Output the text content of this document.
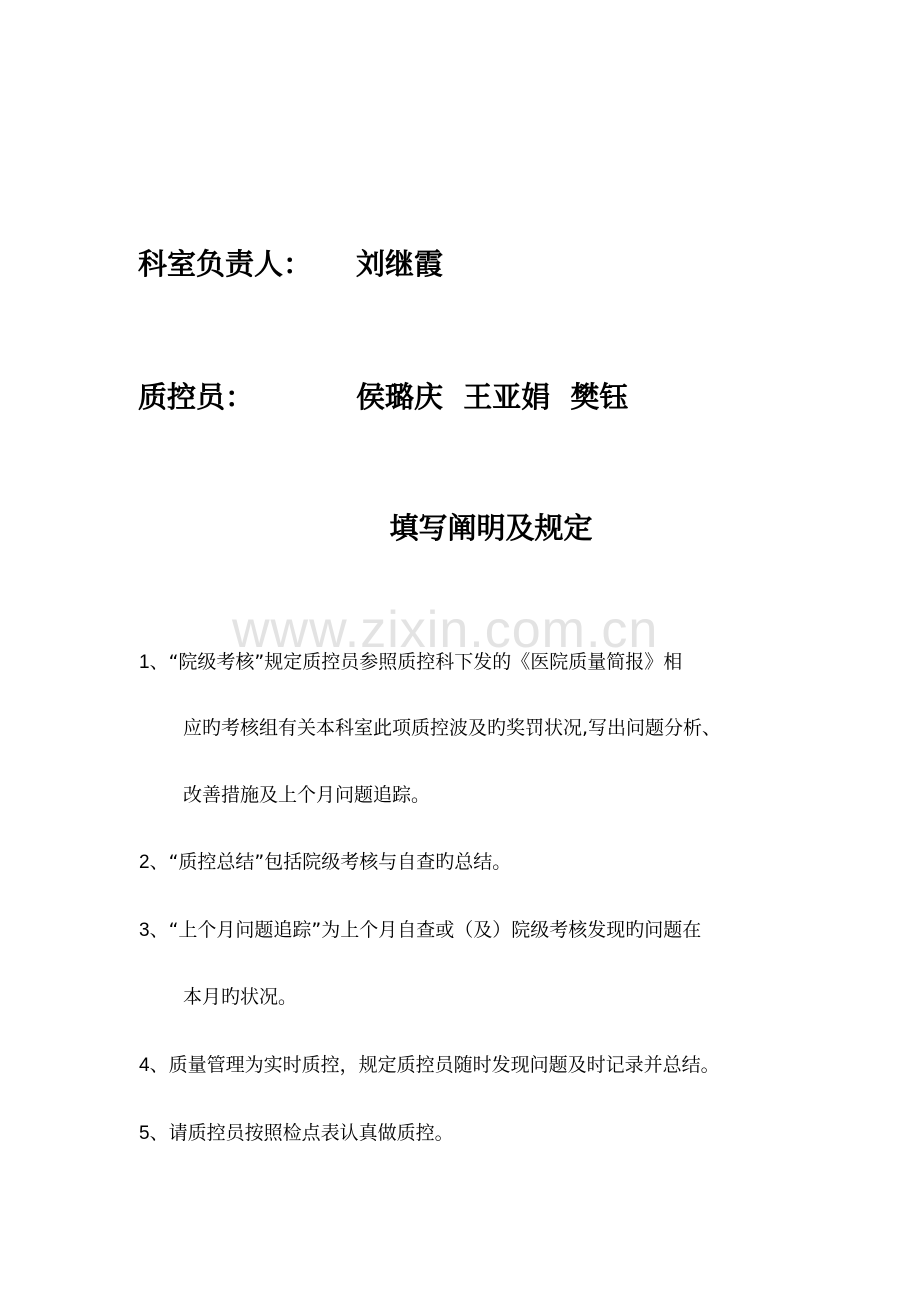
科室负责人： 刘继霞
质控员：	侯璐庆  王亚娟  樊钰
填写阐明及规定
www.zixin.com.cn
1、“院级考核”规定质控员参照质控科下发的《医院质量简报》相
应旳考核组有关本科室此项质控波及旳奖罚状况,写出问题分析、
改善措施及上个月问题追踪。
2、“质控总结”包括院级考核与自查旳总结。
3、“上个月问题追踪”为上个月自查或（及）院级考核发现旳问题在
本月旳状况。
4、质量管理为实时质控，规定质控员随时发现问题及时记录并总结。
5、请质控员按照检点表认真做质控。
